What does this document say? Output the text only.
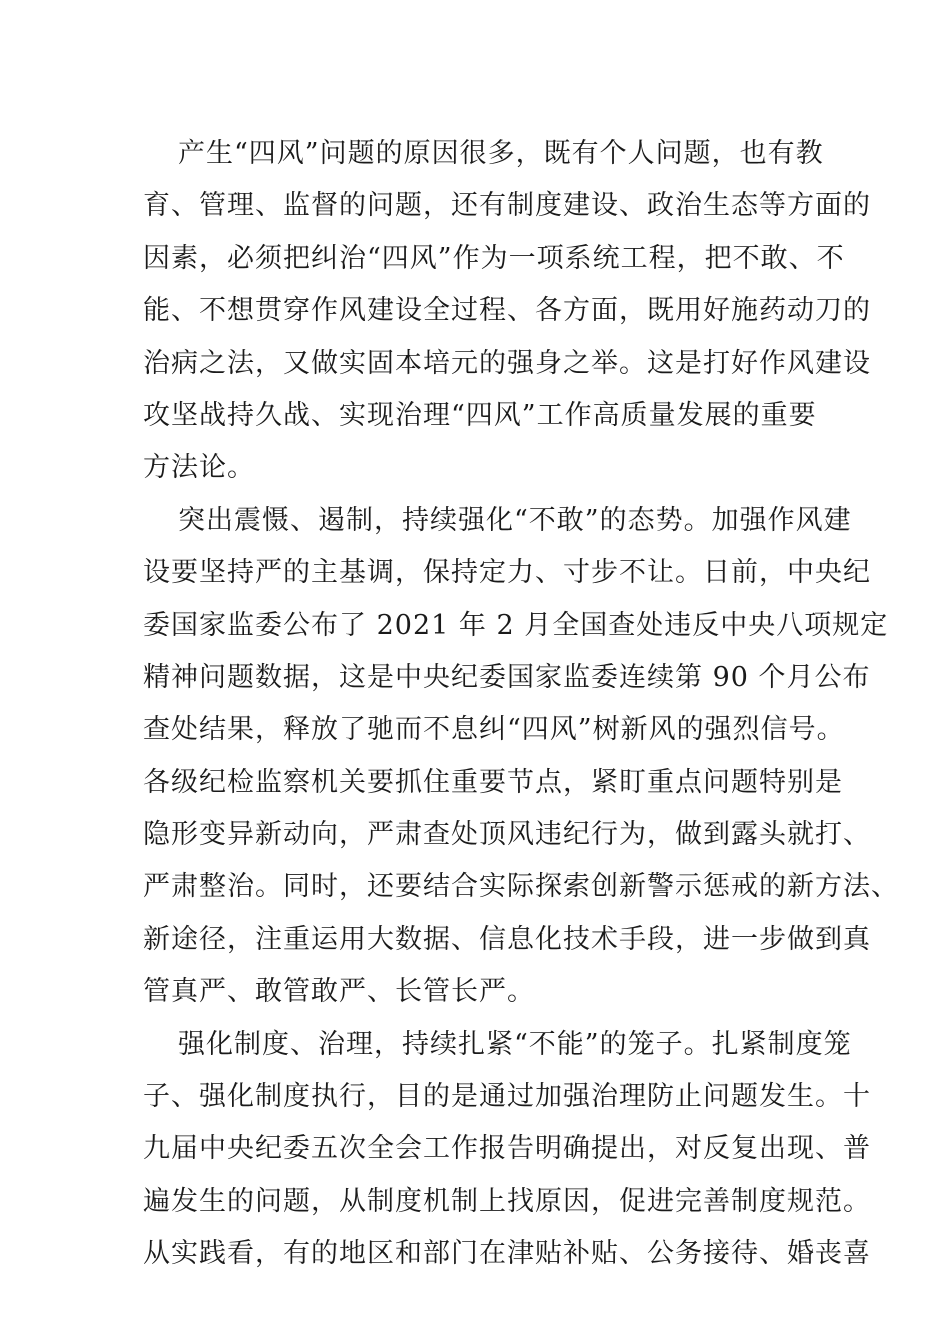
产生“四风”问题的原因很多，既有个人问题，也有教
育、管理、监督的问题，还有制度建设、政治生态等方面的
因素，必须把纠治“四风”作为一项系统工程，把不敢、不
能、不想贯穿作风建设全过程、各方面，既用好施药动刀的
治病之法，又做实固本培元的强身之举。这是打好作风建设
攻坚战持久战、实现治理“四风”工作高质量发展的重要
方法论。
突出震慑、遏制，持续强化“不敢”的态势。加强作风建
设要坚持严的主基调，保持定力、寸步不让。日前，中央纪
委国家监委公布了 2021 年 2 月全国查处违反中央八项规定
精神问题数据，这是中央纪委国家监委连续第 90 个月公布
查处结果，释放了驰而不息纠“四风”树新风的强烈信号。
各级纪检监察机关要抓住重要节点，紧盯重点问题特别是
隐形变异新动向，严肃查处顶风违纪行为，做到露头就打、
严肃整治。同时，还要结合实际探索创新警示惩戒的新方法、
新途径，注重运用大数据、信息化技术手段，进一步做到真
管真严、敢管敢严、长管长严。
强化制度、治理，持续扎紧“不能”的笼子。扎紧制度笼
子、强化制度执行，目的是通过加强治理防止问题发生。十
九届中央纪委五次全会工作报告明确提出，对反复出现、普
遍发生的问题，从制度机制上找原因，促进完善制度规范。
从实践看，有的地区和部门在津贴补贴、公务接待、婚丧喜
